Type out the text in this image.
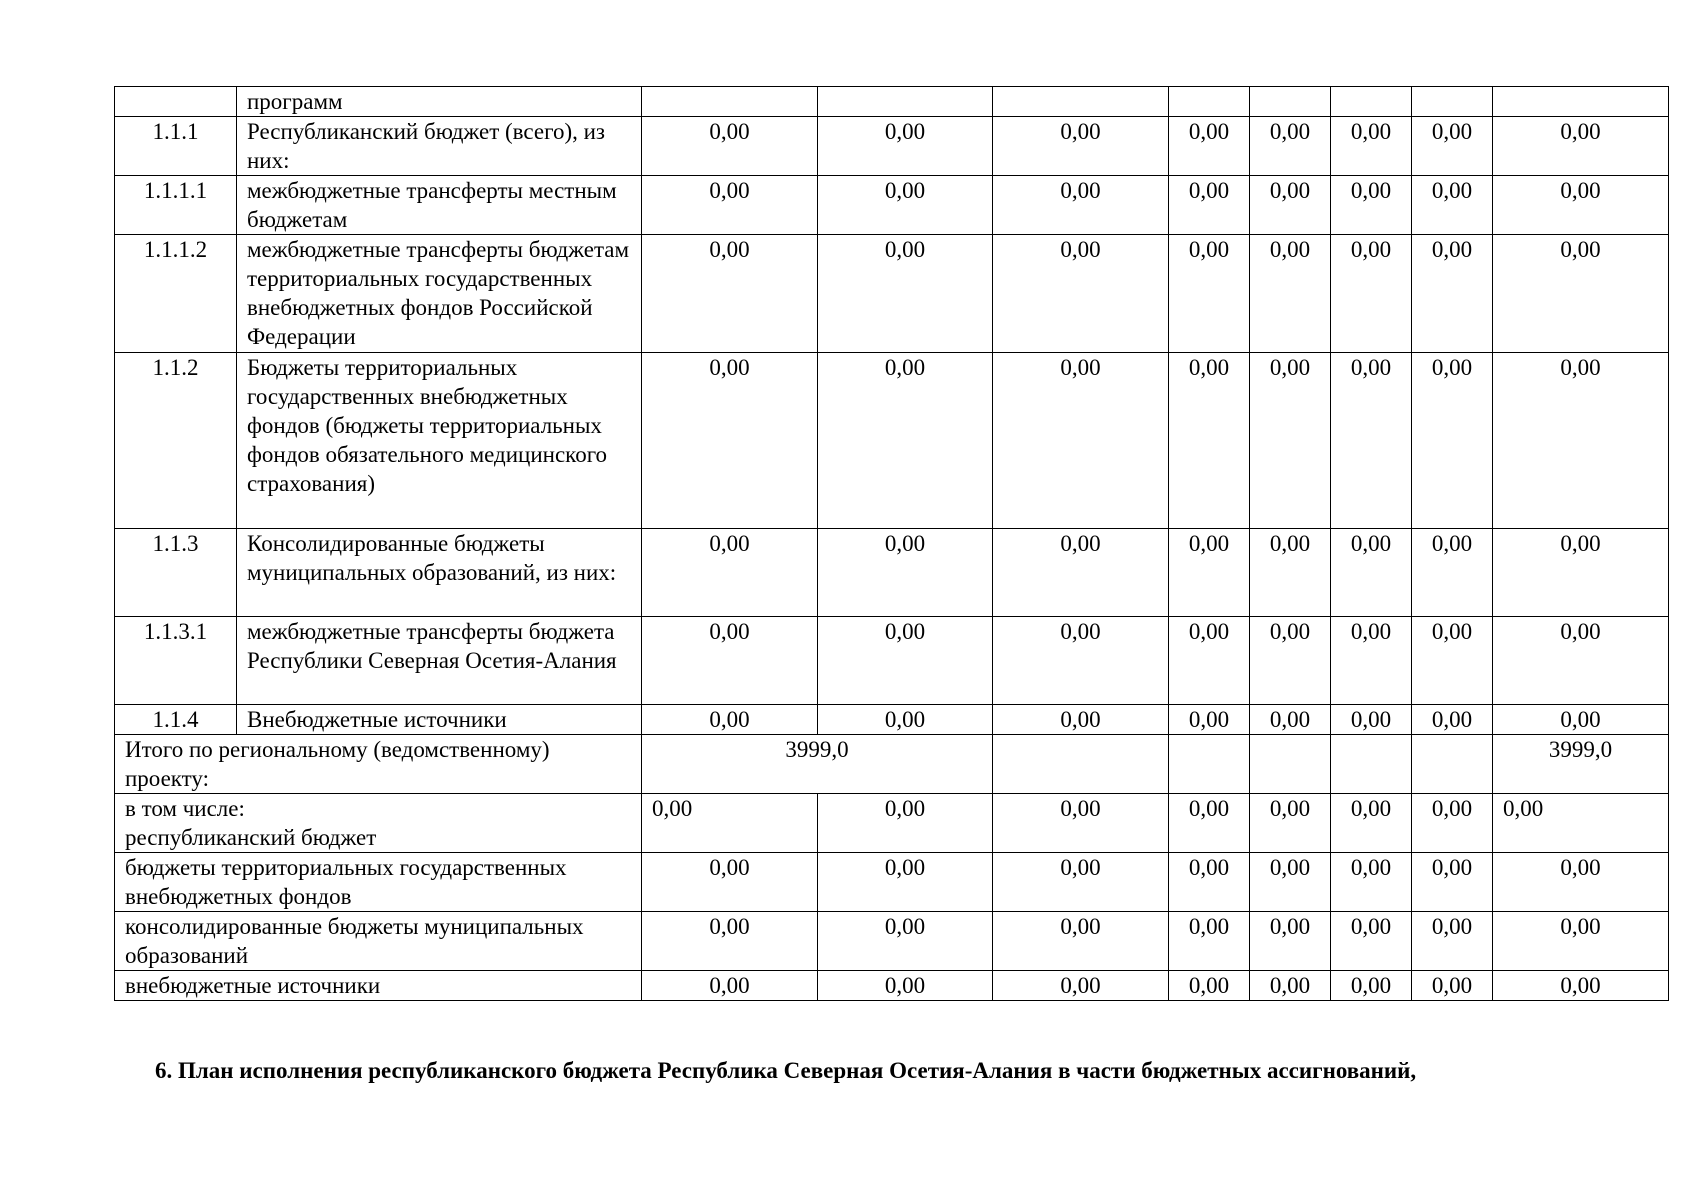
	программ								
1.1.1	Республиканский бюджет (всего), из них:	0,00	0,00	0,00	0,00	0,00	0,00	0,00	0,00
1.1.1.1	межбюджетные трансферты местным бюджетам	0,00	0,00	0,00	0,00	0,00	0,00	0,00	0,00
1.1.1.2	межбюджетные трансферты бюджетам территориальных государственных внебюджетных фондов Российской Федерации	0,00	0,00	0,00	0,00	0,00	0,00	0,00	0,00
1.1.2	Бюджеты территориальных государственных внебюджетных фондов (бюджеты территориальных фондов обязательного медицинского страхования)	0,00	0,00	0,00	0,00	0,00	0,00	0,00	0,00
1.1.3	Консолидированные бюджеты муниципальных образований, из них:	0,00	0,00	0,00	0,00	0,00	0,00	0,00	0,00
1.1.3.1	межбюджетные трансферты бюджета Республики Северная Осетия-Алания	0,00	0,00	0,00	0,00	0,00	0,00	0,00	0,00
1.1.4	Внебюджетные источники	0,00	0,00	0,00	0,00	0,00	0,00	0,00	0,00
Итого по региональному (ведомственному) проекту:		3999,0							3999,0

в том числе:
республиканский бюджет		0,00	0,00	0,00	0,00	0,00	0,00	0,00	0,00
бюджеты территориальных государственных внебюджетных фондов		0,00	0,00	0,00	0,00	0,00	0,00	0,00	0,00
консолидированные бюджеты муниципальных образований		0,00	0,00	0,00	0,00	0,00	0,00	0,00	0,00
внебюджетные источники		0,00	0,00	0,00	0,00	0,00	0,00	0,00	0,00
6. План исполнения республиканского бюджета Республика Северная Осетия-Алания в части бюджетных ассигнований,
